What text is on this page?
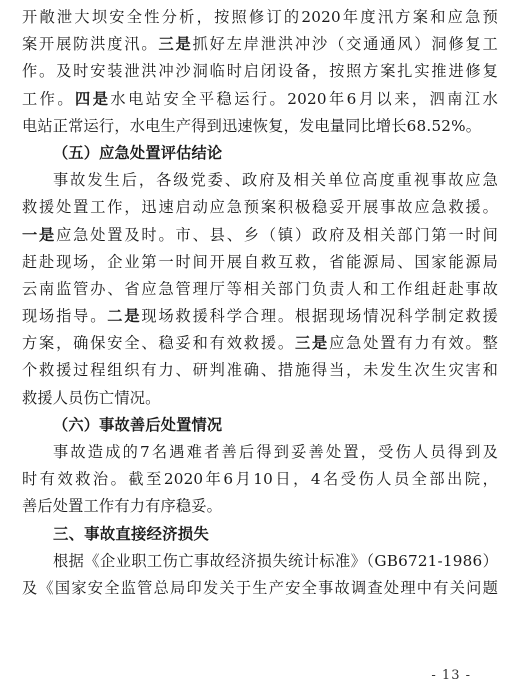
开敞泄大坝安全性分析，按照修订的2020年度汛方案和应急预
案开展防洪度汛。三是抓好左岸泄洪冲沙（交通通风）洞修复工
作。及时安装泄洪冲沙洞临时启闭设备，按照方案扎实推进修复
工作。四是水电站安全平稳运行。2020年6月以来，泗南江水
电站正常运行，水电生产得到迅速恢复，发电量同比增长68.52%。
（五）应急处置评估结论
事故发生后，各级党委、政府及相关单位高度重视事故应急
救援处置工作，迅速启动应急预案积极稳妥开展事故应急救援。
一是应急处置及时。市、县、乡（镇）政府及相关部门第一时间
赶赴现场，企业第一时间开展自救互救，省能源局、国家能源局
云南监管办、省应急管理厅等相关部门负责人和工作组赶赴事故
现场指导。二是现场救援科学合理。根据现场情况科学制定救援
方案，确保安全、稳妥和有效救援。三是应急处置有力有效。整
个救援过程组织有力、研判准确、措施得当，未发生次生灾害和
救援人员伤亡情况。
（六）事故善后处置情况
事故造成的7名遇难者善后得到妥善处置，受伤人员得到及
时有效救治。截至2020年6月10日，4名受伤人员全部出院，
善后处置工作有力有序稳妥。
三、事故直接经济损失
根据《企业职工伤亡事故经济损失统计标准》（GB6721-1986）
及《国家安全监管总局印发关于生产安全事故调查处理中有关问题
- 13 -
